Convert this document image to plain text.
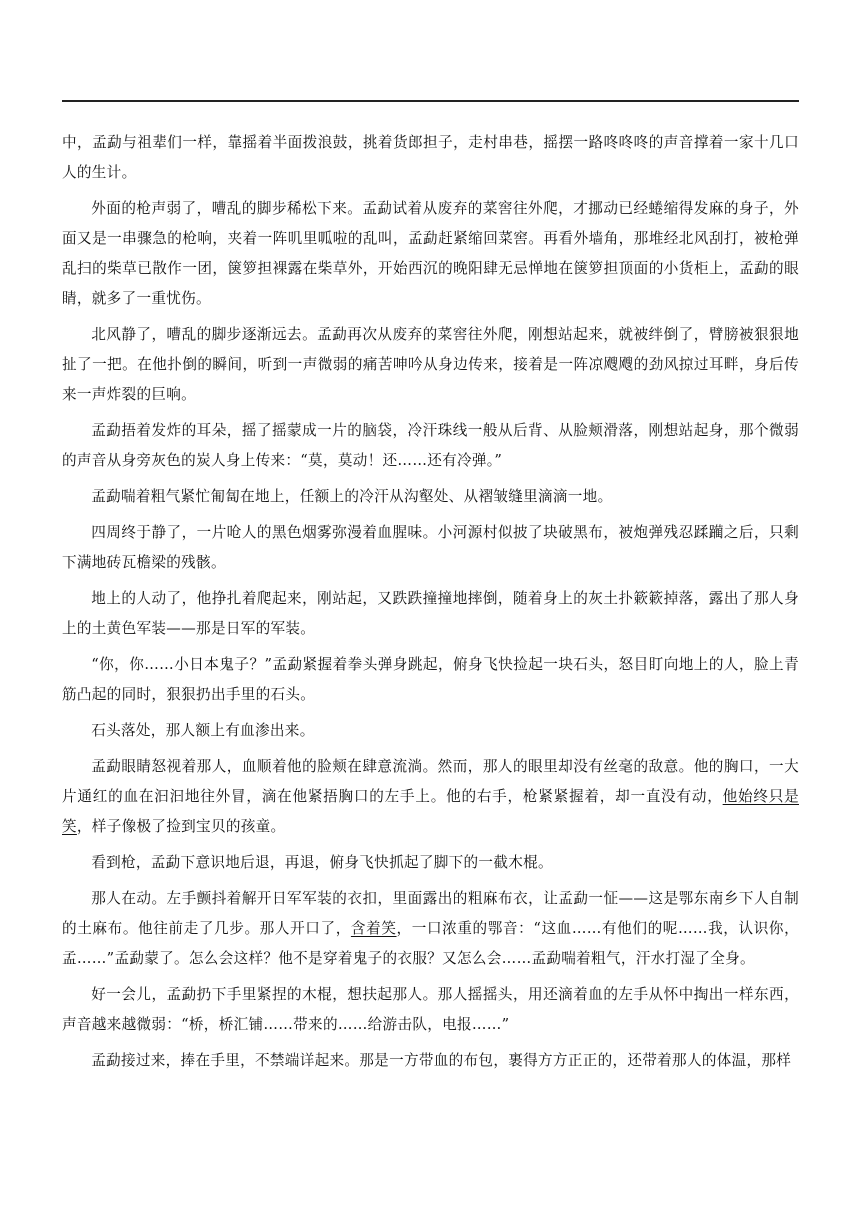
中，孟勐与祖辈们一样，靠摇着半面拨浪鼓，挑着货郎担子，走村串巷，摇摆一路咚咚咚的声音撑着一家十几口人的生计。

外面的枪声弱了，嘈乱的脚步稀松下来。孟勐试着从废弃的菜窖往外爬，才挪动已经蜷缩得发麻的身子，外面又是一串骤急的枪响，夹着一阵叽里呱啦的乱叫，孟勐赶紧缩回菜窖。再看外墙角，那堆经北风刮打，被枪弹乱扫的柴草已散作一团，箧箩担裸露在柴草外，开始西沉的晚阳肆无忌惮地在箧箩担顶面的小货柜上，孟勐的眼睛，就多了一重忧伤。

北风静了，嘈乱的脚步逐渐远去。孟勐再次从废弃的菜窖往外爬，刚想站起来，就被绊倒了，臂膀被狠狠地扯了一把。在他扑倒的瞬间，听到一声微弱的痛苦呻吟从身边传来，接着是一阵凉飕飕的劲风掠过耳畔，身后传来一声炸裂的巨响。

孟勐捂着发炸的耳朵，摇了摇蒙成一片的脑袋，冷汗珠线一般从后背、从脸颊滑落，刚想站起身，那个微弱的声音从身旁灰色的炭人身上传来：“莫，莫动！还……还有冷弹。”

孟勐喘着粗气紧忙匍匐在地上，任额上的冷汗从沟壑处、从褶皱缝里滴滴一地。

四周终于静了，一片呛人的黑色烟雾弥漫着血腥味。小河源村似披了块破黑布，被炮弹残忍蹂躏之后，只剩下满地砖瓦檐梁的残骸。

地上的人动了，他挣扎着爬起来，刚站起，又跌跌撞撞地摔倒，随着身上的灰土扑簌簌掉落，露出了那人身上的土黄色军装——那是日军的军装。

“你，你……小日本鬼子？”孟勐紧握着拳头弹身跳起，俯身飞快捡起一块石头，怒目盯向地上的人，脸上青筋凸起的同时，狠狠扔出手里的石头。

石头落处，那人额上有血渗出来。

孟勐眼睛怒视着那人，血顺着他的脸颊在肆意流淌。然而，那人的眼里却没有丝毫的敌意。他的胸口，一大片通红的血在汩汩地往外冒，滴在他紧捂胸口的左手上。他的右手，枪紧紧握着，却一直没有动，他始终只是笑，样子像极了捡到宝贝的孩童。

看到枪，孟勐下意识地后退，再退，俯身飞快抓起了脚下的一截木棍。

那人在动。左手颤抖着解开日军军装的衣扣，里面露出的粗麻布衣，让孟勐一怔——这是鄂东南乡下人自制的土麻布。他往前走了几步。那人开口了，含着笑，一口浓重的鄂音：“这血……有他们的呢……我，认识你，孟……”孟勐蒙了。怎么会这样？他不是穿着鬼子的衣服？又怎么会……孟勐喘着粗气，汗水打湿了全身。

好一会儿，孟勐扔下手里紧捏的木棍，想扶起那人。那人摇摇头，用还滴着血的左手从怀中掏出一样东西，声音越来越微弱：“桥，桥汇铺……带来的……给游击队，电报……”

孟勐接过来，捧在手里，不禁端详起来。那是一方带血的布包，裹得方方正正的，还带着那人的体温，那样
